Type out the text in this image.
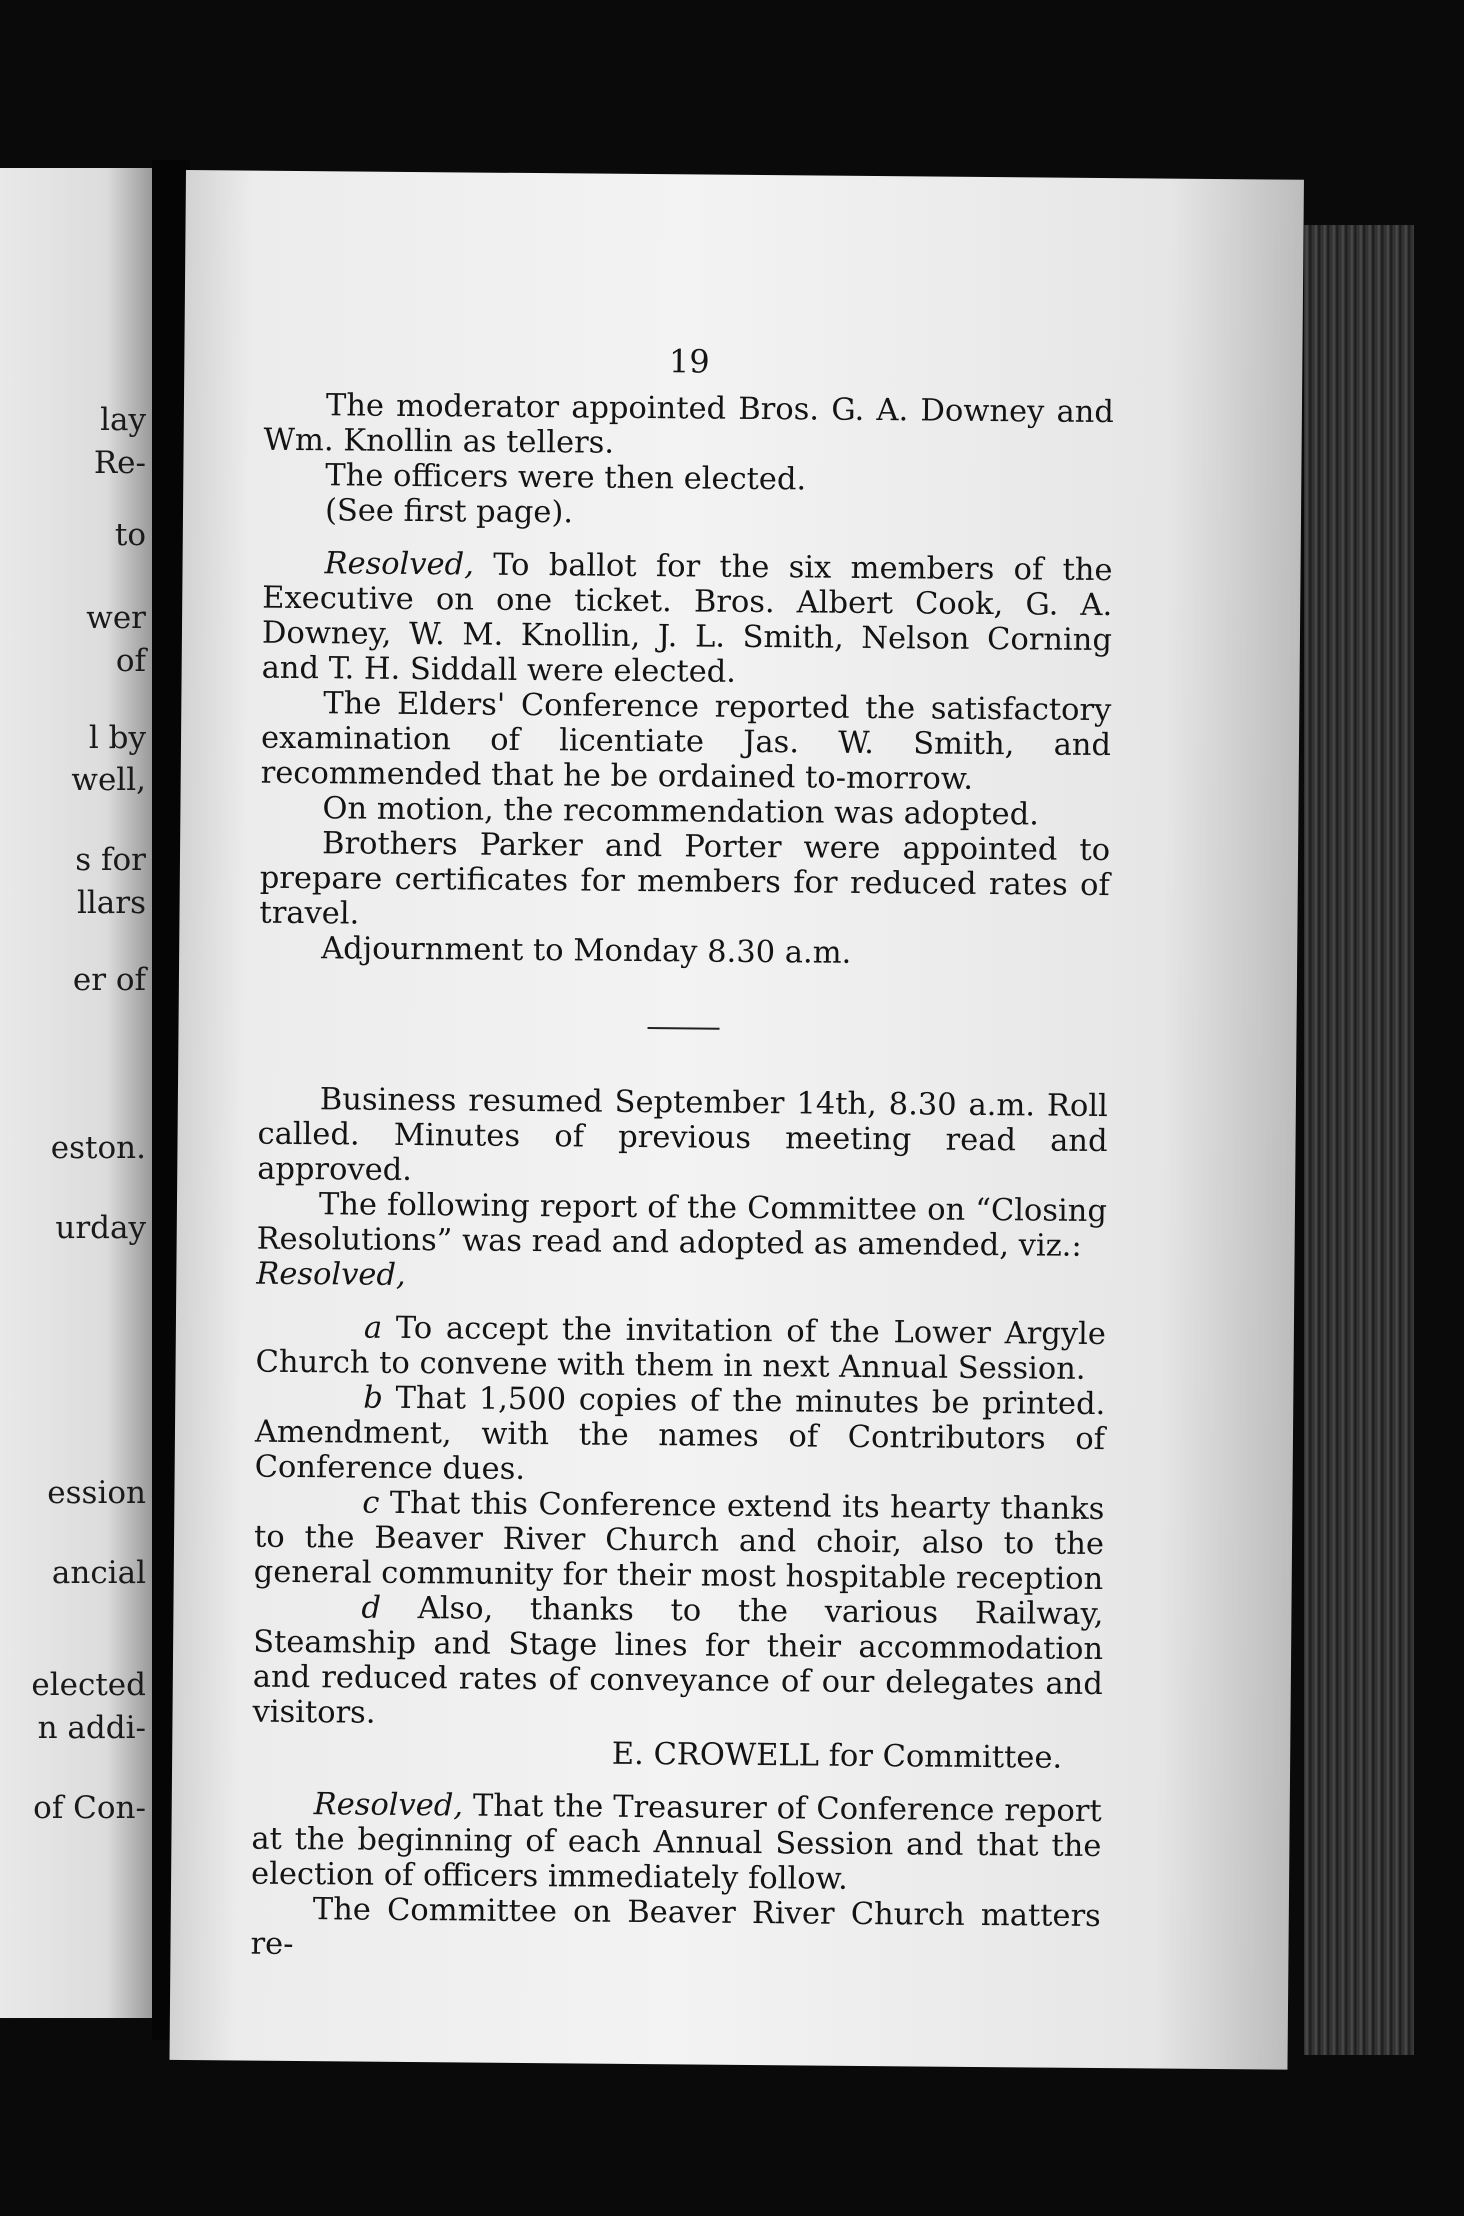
lay
Re-
to
wer
of
l by
well,
s for
llars
er of
eston.
urday
ession
ancial
elected
n addi-
of Con-
19

The moderator appointed Bros. G. A. Downey and Wm. Knollin as tellers.

The officers were then elected.

(See first page).

Resolved, To ballot for the six members of the Executive on one ticket. Bros. Albert Cook, G. A. Downey, W. M. Knollin, J. L. Smith, Nelson Corning and T. H. Siddall were elected.

The Elders' Conference reported the satisfactory examination of licentiate Jas. W. Smith, and recommended that he be ordained to-morrow.

On motion, the recommendation was adopted.

Brothers Parker and Porter were appointed to prepare certificates for members for reduced rates of travel.

Adjournment to Monday 8.30 a.m.

Business resumed September 14th, 8.30 a.m. Roll called. Minutes of previous meeting read and approved.

The following report of the Committee on “Closing Resolutions” was read and adopted as amended, viz.:
Resolved,

a To accept the invitation of the Lower Argyle Church to convene with them in next Annual Session.

b That 1,500 copies of the minutes be printed. Amendment, with the names of Contributors of Conference dues.

c That this Conference extend its hearty thanks to the Beaver River Church and choir, also to the general community for their most hospitable reception

d Also, thanks to the various Railway, Steamship and Stage lines for their accommodation and reduced rates of conveyance of our delegates and visitors.

E. CROWELL for Committee.

Resolved, That the Treasurer of Conference report at the beginning of each Annual Session and that the election of officers immediately follow.

The Committee on Beaver River Church matters re-
